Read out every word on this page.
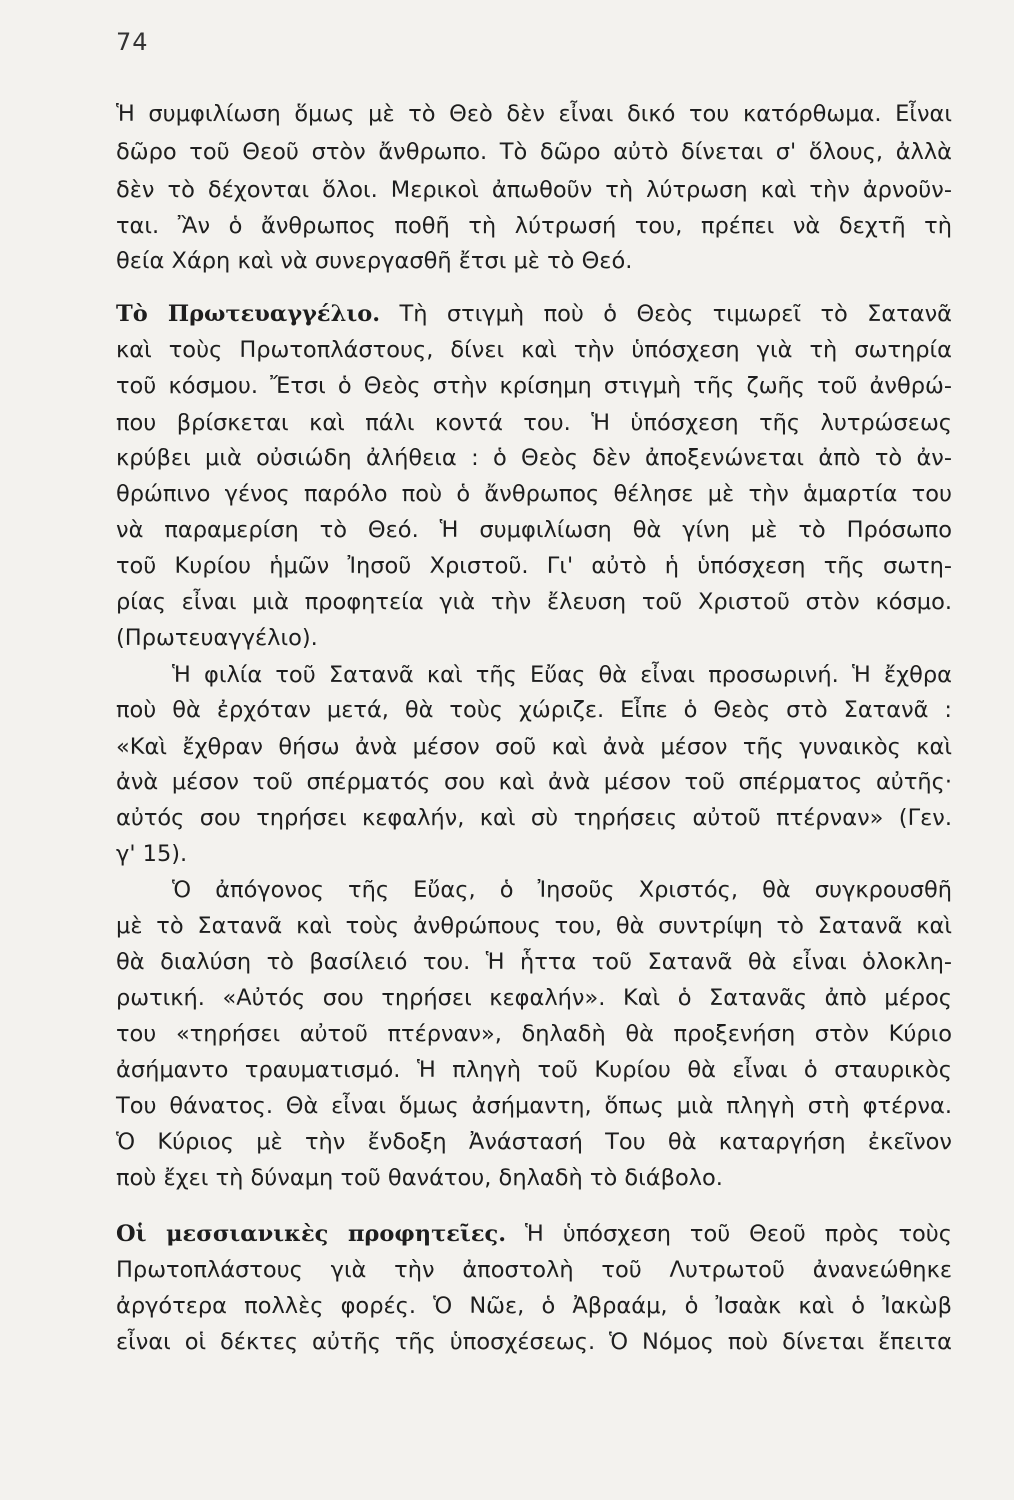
74
Ἡ συμφιλίωση ὅμως μὲ τὸ Θεὸ δὲν εἶναι δικό του κατόρθωμα. Εἶναι
δῶρο τοῦ Θεοῦ στὸν ἄνθρωπο. Τὸ δῶρο αὐτὸ δίνεται σ' ὅλους, ἀλλὰ
δὲν τὸ δέχονται ὅλοι. Μερικοὶ ἀπωθοῦν τὴ λύτρωση καὶ τὴν ἀρνοῦν-
ται. Ἂν ὁ ἄνθρωπος ποθῆ τὴ λύτρωσή του, πρέπει νὰ δεχτῆ τὴ
θεία Χάρη καὶ νὰ συνεργασθῆ ἔτσι μὲ τὸ Θεό.
Τὸ Πρωτευαγγέλιο. Τὴ στιγμὴ ποὺ ὁ Θεὸς τιμωρεῖ τὸ Σατανᾶ
καὶ τοὺς Πρωτοπλάστους, δίνει καὶ τὴν ὑπόσχεση γιὰ τὴ σωτηρία
τοῦ κόσμου. Ἔτσι ὁ Θεὸς στὴν κρίσημη στιγμὴ τῆς ζωῆς τοῦ ἀνθρώ-
που βρίσκεται καὶ πάλι κοντά του. Ἡ ὑπόσχεση τῆς λυτρώσεως
κρύβει μιὰ οὐσιώδη ἀλήθεια : ὁ Θεὸς δὲν ἀποξενώνεται ἀπὸ τὸ ἀν-
θρώπινο γένος παρόλο ποὺ ὁ ἄνθρωπος θέλησε μὲ τὴν ἁμαρτία του
νὰ παραμερίση τὸ Θεό. Ἡ συμφιλίωση θὰ γίνη μὲ τὸ Πρόσωπο
τοῦ Κυρίου ἡμῶν Ἰησοῦ Χριστοῦ. Γι' αὐτὸ ἡ ὑπόσχεση τῆς σωτη-
ρίας εἶναι μιὰ προφητεία γιὰ τὴν ἔλευση τοῦ Χριστοῦ στὸν κόσμο.
(Πρωτευαγγέλιο).
Ἡ φιλία τοῦ Σατανᾶ καὶ τῆς Εὔας θὰ εἶναι προσωρινή. Ἡ ἔχθρα
ποὺ θὰ ἐρχόταν μετά, θὰ τοὺς χώριζε. Εἶπε ὁ Θεὸς στὸ Σατανᾶ :
«Καὶ ἔχθραν θήσω ἀνὰ μέσον σοῦ καὶ ἀνὰ μέσον τῆς γυναικὸς καὶ
ἀνὰ μέσον τοῦ σπέρματός σου καὶ ἀνὰ μέσον τοῦ σπέρματος αὐτῆς·
αὐτός σου τηρήσει κεφαλήν, καὶ σὺ τηρήσεις αὐτοῦ πτέρναν» (Γεν.
γ' 15).
Ὁ ἀπόγονος τῆς Εὔας, ὁ Ἰησοῦς Χριστός, θὰ συγκρουσθῆ
μὲ τὸ Σατανᾶ καὶ τοὺς ἀνθρώπους του, θὰ συντρίψη τὸ Σατανᾶ καὶ
θὰ διαλύση τὸ βασίλειό του. Ἡ ἧττα τοῦ Σατανᾶ θὰ εἶναι ὁλοκλη-
ρωτική. «Αὐτός σου τηρήσει κεφαλήν». Καὶ ὁ Σατανᾶς ἀπὸ μέρος
του «τηρήσει αὐτοῦ πτέρναν», δηλαδὴ θὰ προξενήση στὸν Κύριο
ἀσήμαντο τραυματισμό. Ἡ πληγὴ τοῦ Κυρίου θὰ εἶναι ὁ σταυρικὸς
Του θάνατος. Θὰ εἶναι ὅμως ἀσήμαντη, ὅπως μιὰ πληγὴ στὴ φτέρνα.
Ὁ Κύριος μὲ τὴν ἔνδοξη Ἀνάστασή Του θὰ καταργήση ἐκεῖνον
ποὺ ἔχει τὴ δύναμη τοῦ θανάτου, δηλαδὴ τὸ διάβολο.
Οἱ μεσσιανικὲς προφητεῖες. Ἡ ὑπόσχεση τοῦ Θεοῦ πρὸς τοὺς
Πρωτοπλάστους γιὰ τὴν ἀποστολὴ τοῦ Λυτρωτοῦ ἀνανεώθηκε
ἀργότερα πολλὲς φορές. Ὁ Νῶε, ὁ Ἀβραάμ, ὁ Ἰσαὰκ καὶ ὁ Ἰακὼβ
εἶναι οἱ δέκτες αὐτῆς τῆς ὑποσχέσεως. Ὁ Νόμος ποὺ δίνεται ἔπειτα
